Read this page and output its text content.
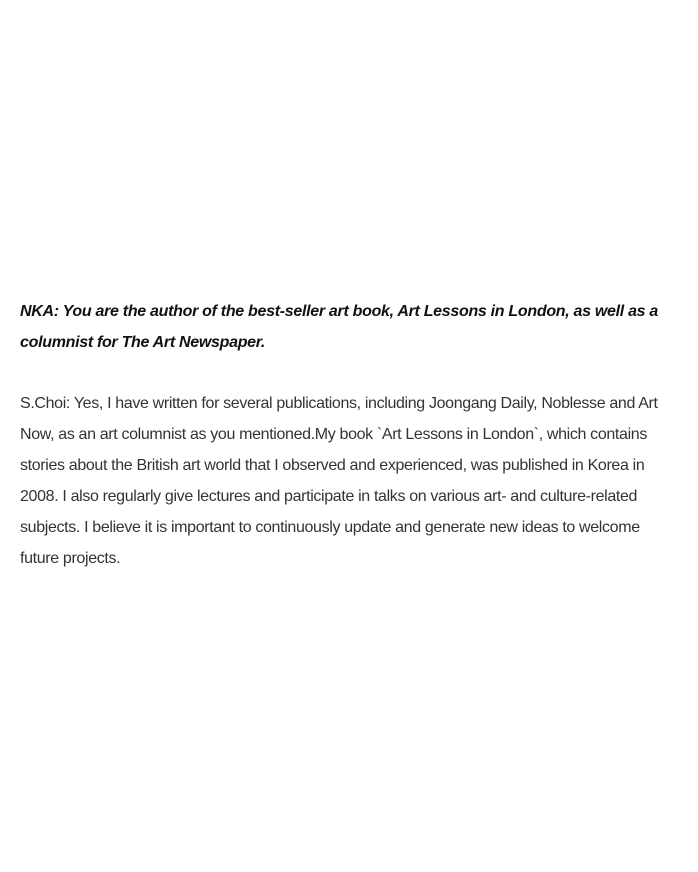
NKA: You are the author of the best-seller art book, Art Lessons in London, as well as a columnist for The Art Newspaper.

S.Choi: Yes, I have written for several publications, including Joongang Daily, Noblesse and Art Now, as an art columnist as you mentioned.My book `Art Lessons in London`, which contains stories about the British art world that I observed and experienced, was published in Korea in 2008. I also regularly give lectures and participate in talks on various art- and culture-related subjects. I believe it is important to continuously update and generate new ideas to welcome future projects.
